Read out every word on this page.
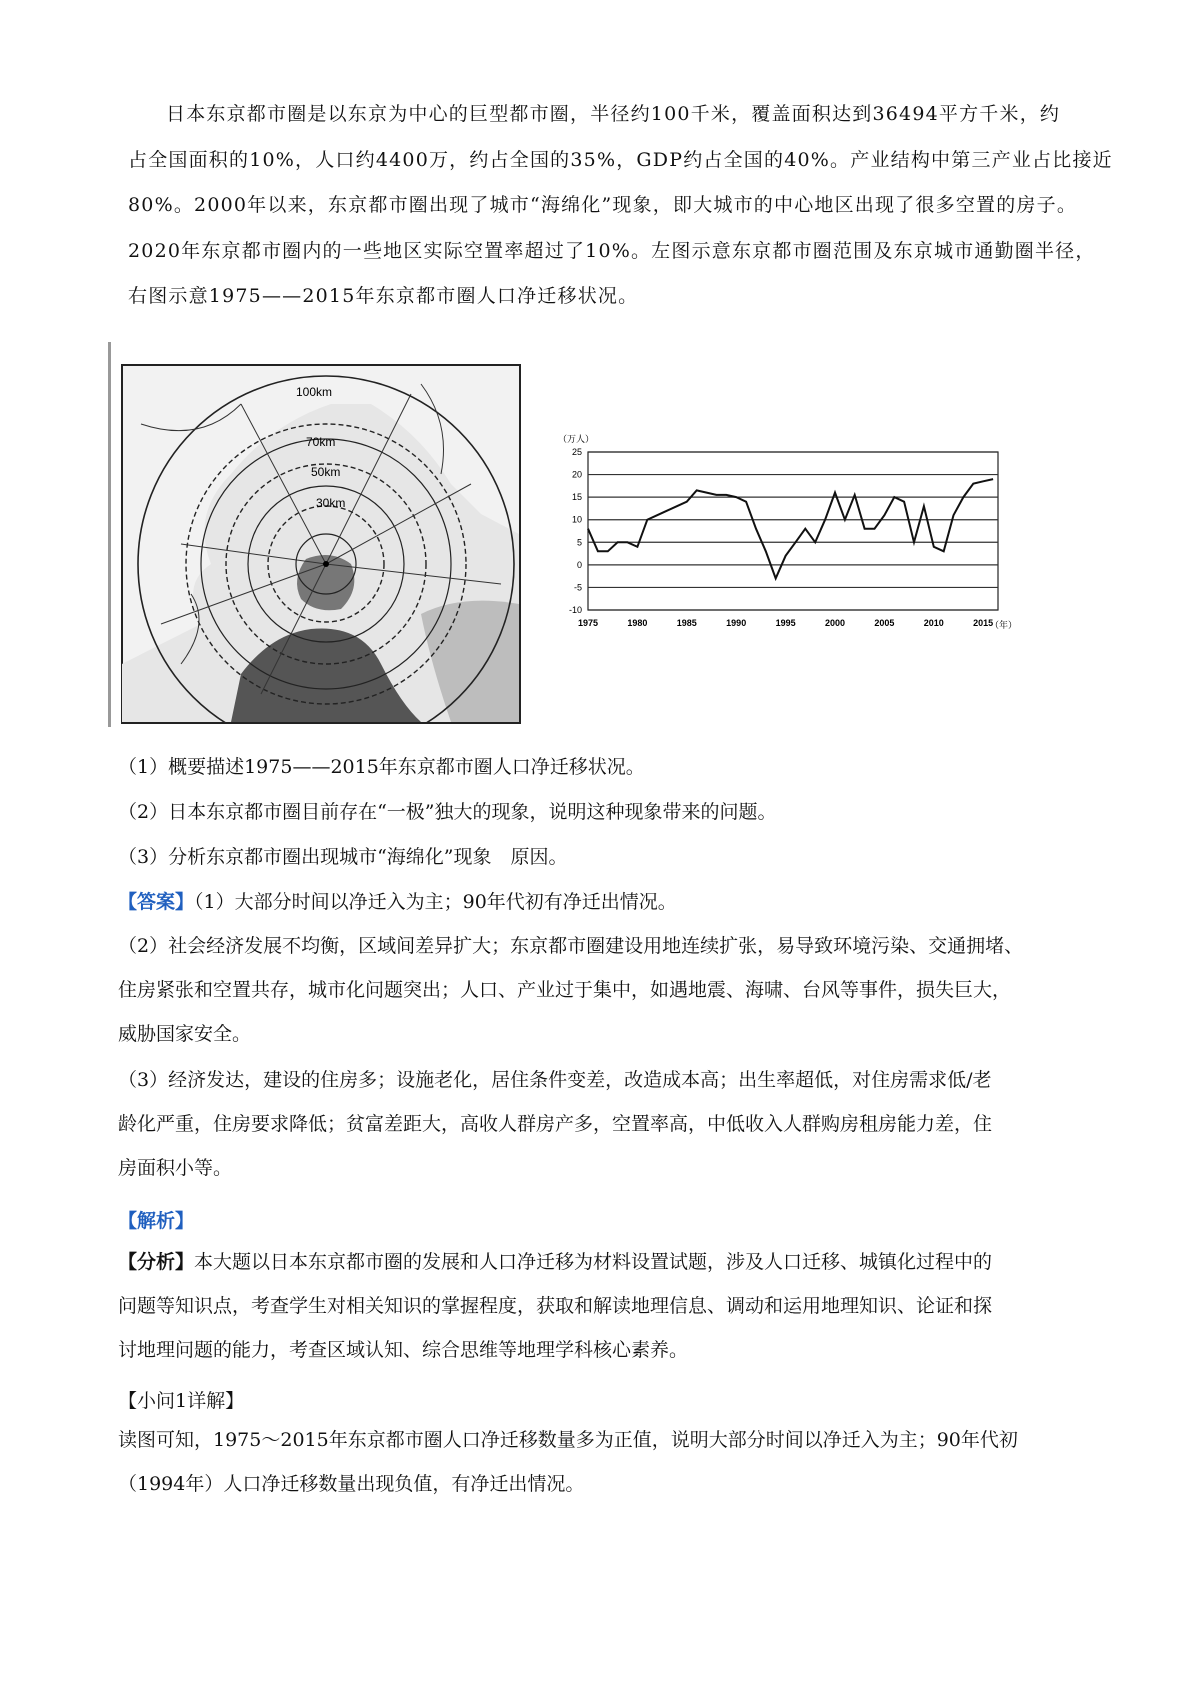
日本东京都市圈是以东京为中心的巨型都市圈，半径约100千米，覆盖面积达到36494平方千米，约

占全国面积的10%，人口约4400万，约占全国的35%，GDP约占全国的40%。产业结构中第三产业占比接近

80%。2000年以来，东京都市圈出现了城市“海绵化”现象，即大城市的中心地区出现了很多空置的房子。

2020年东京都市圈内的一些地区实际空置率超过了10%。左图示意东京都市圈范围及东京城市通勤圈半径，

右图示意1975——2015年东京都市圈人口净迁移状况。

100km
70km
50km
30km
（万人）
（年）
25
20
15
10
5
0
-5
-10
1975	1980	1985	1990	1995	2000	2005	2010	2015

（1）概要描述1975——2015年东京都市圈人口净迁移状况。

（2）日本东京都市圈目前存在“一极”独大的现象，说明这种现象带来的问题。

（3）分析东京都市圈出现城市“海绵化”现象　原因。

【答案】（1）大部分时间以净迁入为主；90年代初有净迁出情况。

（2）社会经济发展不均衡，区域间差异扩大；东京都市圈建设用地连续扩张，易导致环境污染、交通拥堵、

住房紧张和空置共存，城市化问题突出；人口、产业过于集中，如遇地震、海啸、台风等事件，损失巨大，

威胁国家安全。

（3）经济发达，建设的住房多；设施老化，居住条件变差，改造成本高；出生率超低，对住房需求低/老

龄化严重，住房要求降低；贫富差距大，高收人群房产多，空置率高，中低收入人群购房租房能力差，住

房面积小等。

【解析】

【分析】本大题以日本东京都市圈的发展和人口净迁移为材料设置试题，涉及人口迁移、城镇化过程中的

问题等知识点，考查学生对相关知识的掌握程度，获取和解读地理信息、调动和运用地理知识、论证和探

讨地理问题的能力，考查区域认知、综合思维等地理学科核心素养。

【小问1详解】

读图可知，1975～2015年东京都市圈人口净迁移数量多为正值，说明大部分时间以净迁入为主；90年代初

（1994年）人口净迁移数量出现负值，有净迁出情况。
